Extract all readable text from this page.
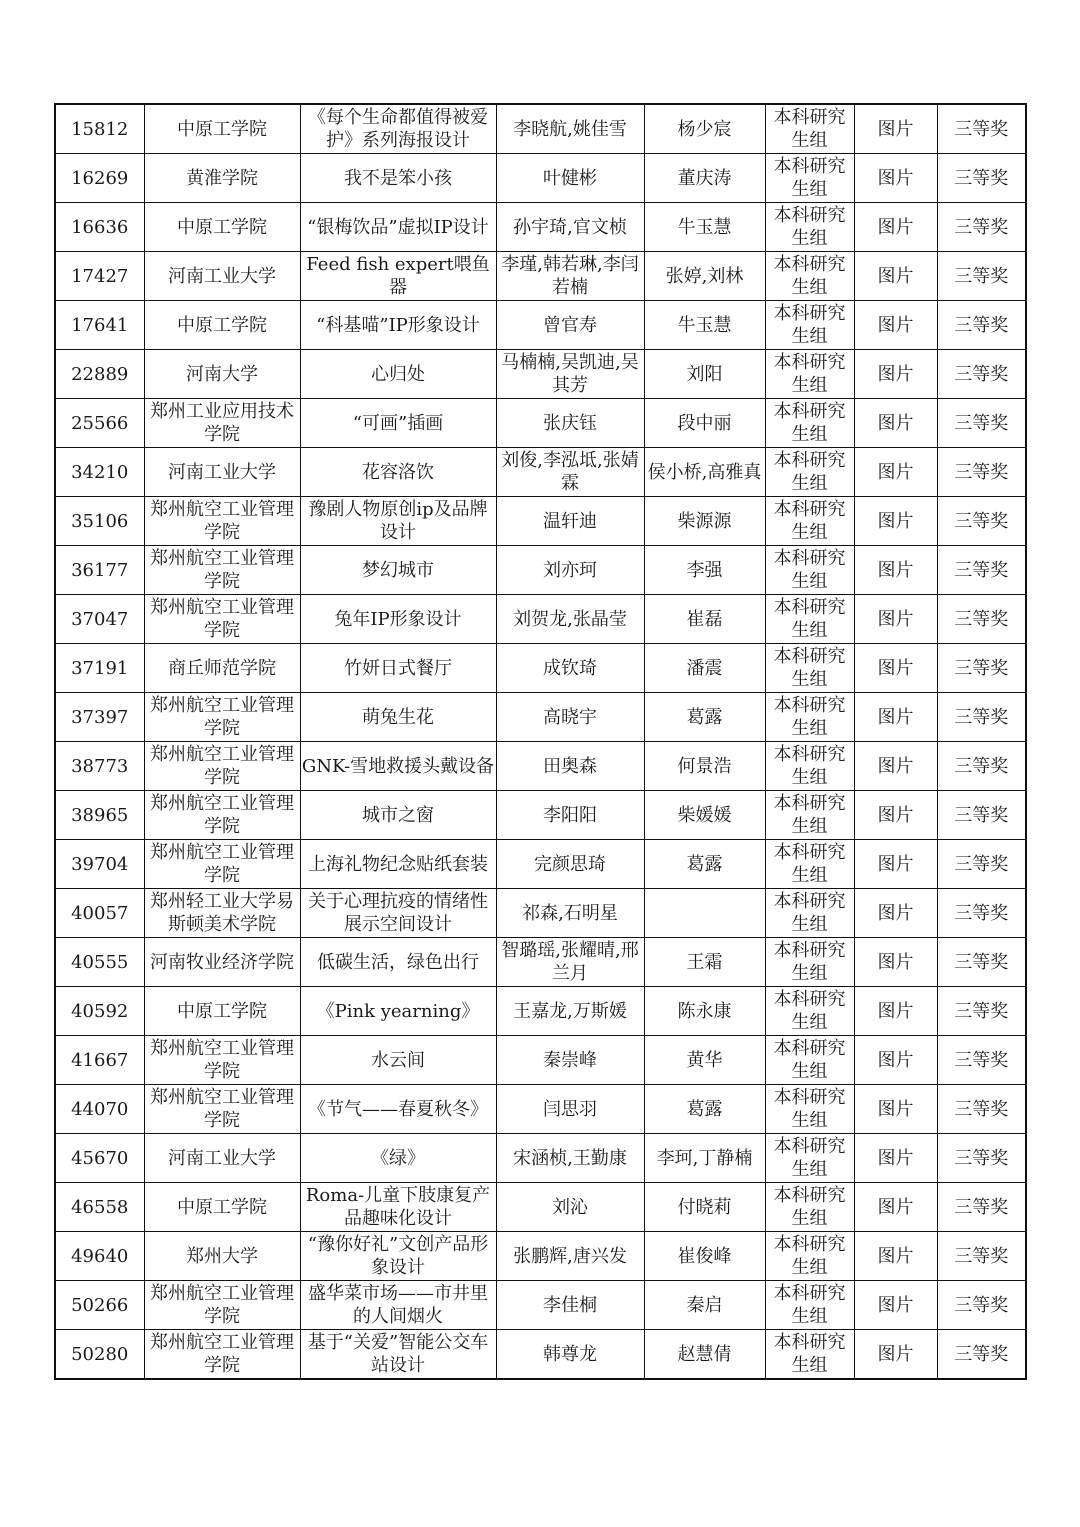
15812	中原工学院	《每个生命都值得被爱护》系列海报设计	李晓航,姚佳雪	杨少宸	本科研究生组	图片	三等奖
16269	黄淮学院	我不是笨小孩	叶健彬	董庆涛	本科研究生组	图片	三等奖
16636	中原工学院	“银梅饮品”虚拟IP设计	孙宇琦,官文桢	牛玉慧	本科研究生组	图片	三等奖
17427	河南工业大学	Feed fish expert喂鱼器	李瑾,韩若琳,李闫若楠	张婷,刘林	本科研究生组	图片	三等奖
17641	中原工学院	“科基喵”IP形象设计	曾官寿	牛玉慧	本科研究生组	图片	三等奖
22889	河南大学	心归处	马楠楠,吴凯迪,吴其芳	刘阳	本科研究生组	图片	三等奖
25566	郑州工业应用技术学院	“可画”插画	张庆钰	段中丽	本科研究生组	图片	三等奖
34210	河南工业大学	花容洛饮	刘俊,李泓坻,张婧霖	侯小桥,高雅真	本科研究生组	图片	三等奖
35106	郑州航空工业管理学院	豫剧人物原创ip及品牌设计	温轩迪	柴源源	本科研究生组	图片	三等奖
36177	郑州航空工业管理学院	梦幻城市	刘亦珂	李强	本科研究生组	图片	三等奖
37047	郑州航空工业管理学院	兔年IP形象设计	刘贺龙,张晶莹	崔磊	本科研究生组	图片	三等奖
37191	商丘师范学院	竹妍日式餐厅	成钦琦	潘震	本科研究生组	图片	三等奖
37397	郑州航空工业管理学院	萌兔生花	高晓宇	葛露	本科研究生组	图片	三等奖
38773	郑州航空工业管理学院	GNK-雪地救援头戴设备	田奥森	何景浩	本科研究生组	图片	三等奖
38965	郑州航空工业管理学院	城市之窗	李阳阳	柴媛媛	本科研究生组	图片	三等奖
39704	郑州航空工业管理学院	上海礼物纪念贴纸套装	完颜思琦	葛露	本科研究生组	图片	三等奖
40057	郑州轻工业大学易斯顿美术学院	关于心理抗疫的情绪性展示空间设计	祁森,石明星		本科研究生组	图片	三等奖
40555	河南牧业经济学院	低碳生活，绿色出行	智璐瑶,张耀晴,邢兰月	王霜	本科研究生组	图片	三等奖
40592	中原工学院	《Pink yearning》	王嘉龙,万斯媛	陈永康	本科研究生组	图片	三等奖
41667	郑州航空工业管理学院	水云间	秦崇峰	黄华	本科研究生组	图片	三等奖
44070	郑州航空工业管理学院	《节气——春夏秋冬》	闫思羽	葛露	本科研究生组	图片	三等奖
45670	河南工业大学	《绿》	宋涵桢,王勤康	李珂,丁静楠	本科研究生组	图片	三等奖
46558	中原工学院	Roma-儿童下肢康复产品趣味化设计	刘沁	付晓莉	本科研究生组	图片	三等奖
49640	郑州大学	“豫你好礼”文创产品形象设计	张鹏辉,唐兴发	崔俊峰	本科研究生组	图片	三等奖
50266	郑州航空工业管理学院	盛华菜市场——市井里的人间烟火	李佳桐	秦启	本科研究生组	图片	三等奖
50280	郑州航空工业管理学院	基于“关爱”智能公交车站设计	韩尊龙	赵慧倩	本科研究生组	图片	三等奖
